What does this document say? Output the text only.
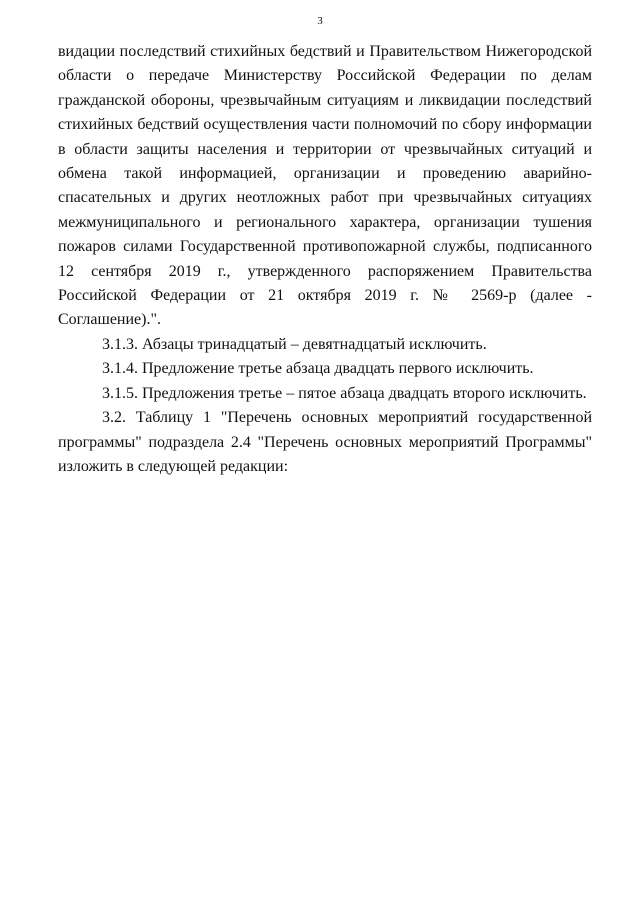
3

видации последствий стихийных бедствий и Правительством Нижегородской области о передаче Министерству Российской Федерации по делам гражданской обороны, чрезвычайным ситуациям и ликвидации последствий стихийных бедствий осуществления части полномочий по сбору информации в области защиты населения и территории от чрезвычайных ситуаций и обмена такой информацией, организации и проведению аварийно-спасательных и других неотложных работ при чрезвычайных ситуациях межмуниципального и регионального характера, организации тушения пожаров силами Государственной противопожарной службы, подписанного 12 сентября 2019 г., утвержденного распоряжением Правительства Российской Федерации от 21 октября 2019 г. № 2569-р (далее - Соглашение).".

3.1.3. Абзацы тринадцатый – девятнадцатый исключить.

3.1.4. Предложение третье абзаца двадцать первого исключить.

3.1.5. Предложения третье – пятое абзаца двадцать второго исключить.

3.2. Таблицу 1 "Перечень основных мероприятий государственной программы" подраздела 2.4 "Перечень основных мероприятий Программы" изложить в следующей редакции:
